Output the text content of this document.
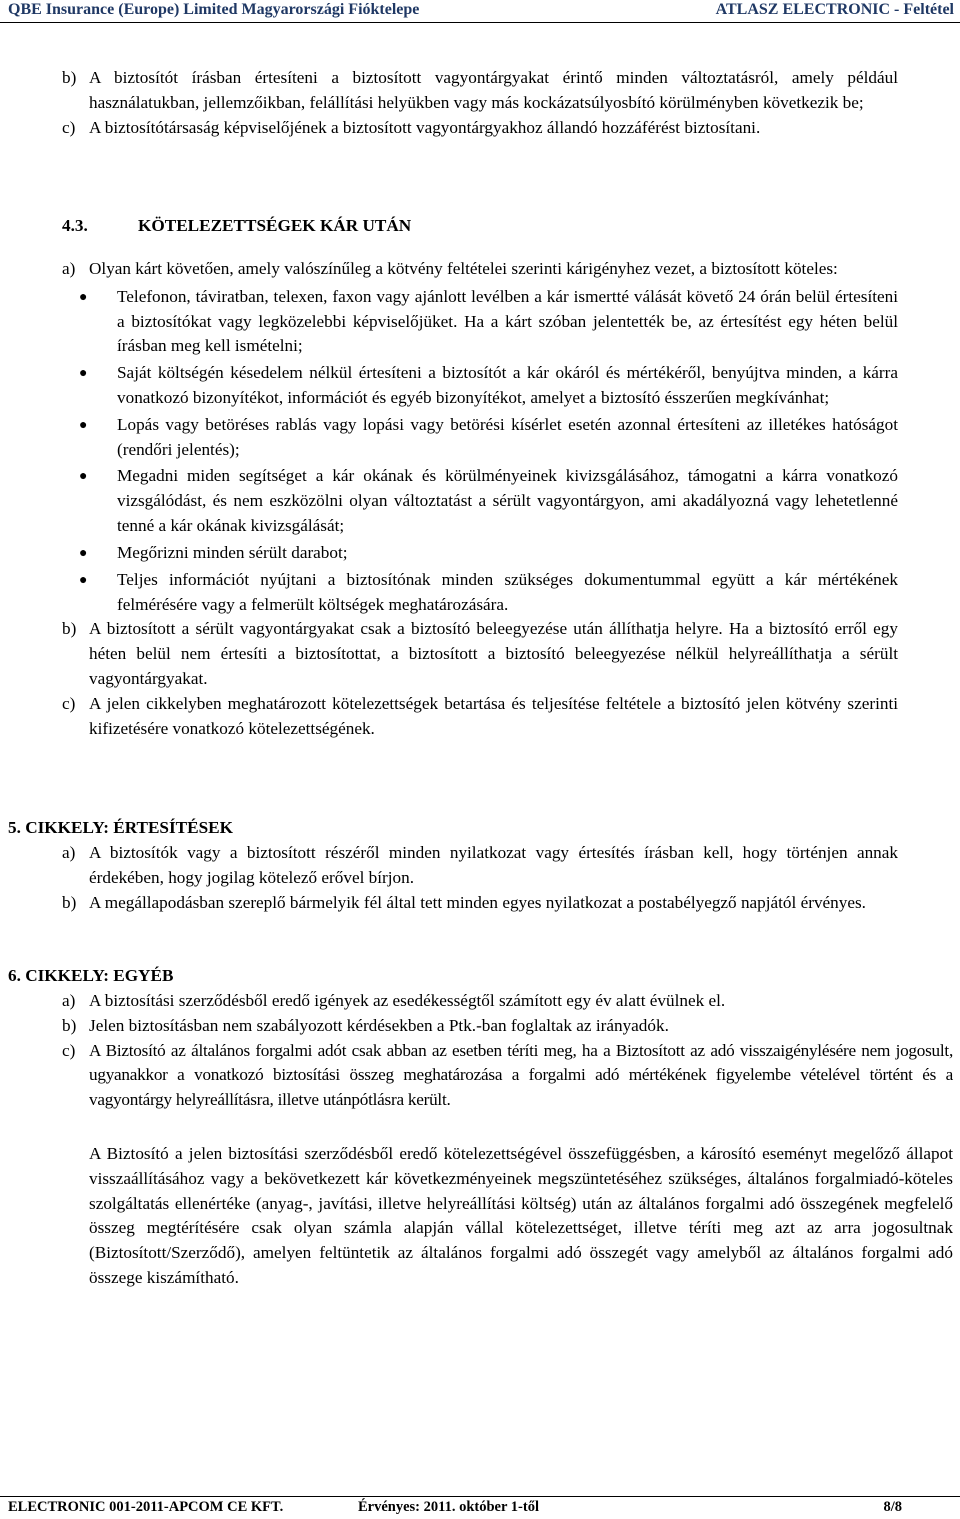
QBE Insurance (Europe) Limited Magyarországi Fióktelepe	ATLASZ ELECTRONIC - Feltétel
b) A biztosítót írásban értesíteni a biztosított vagyontárgyakat érintő minden változtatásról, amely például használatukban, jellemzőikban, felállítási helyükben vagy más kockázatsúlyosbító körülményben következik be;
c) A biztosítótársaság képviselőjének a biztosított vagyontárgyakhoz állandó hozzáférést biztosítani.
4.3.	KÖTELEZETTSÉGEK KÁR UTÁN
a) Olyan kárt követően, amely valószínűleg a kötvény feltételei szerinti kárigényhez vezet, a biztosított köteles:
●	Telefonon, táviratban, telexen, faxon vagy ajánlott levélben a kár ismertté válását követő 24 órán belül értesíteni a biztosítókat vagy legközelebbi képviselőjüket. Ha a kárt szóban jelentették be, az értesítést egy héten belül írásban meg kell ismételni;
●	Saját költségén késedelem nélkül értesíteni a biztosítót a kár okáról és mértékéről, benyújtva minden, a kárra vonatkozó bizonyítékot, információt és egyéb bizonyítékot, amelyet a biztosító ésszerűen megkívánhat;
●	Lopás vagy betöréses rablás vagy lopási vagy betörési kísérlet esetén azonnal értesíteni az illetékes hatóságot (rendőri jelentés);
●	Megadni miden segítséget a kár okának és körülményeinek kivizsgálásához, támogatni a kárra vonatkozó vizsgálódást, és nem eszközölni olyan változtatást a sérült vagyontárgyon, ami akadályozná vagy lehetetlenné tenné a kár okának kivizsgálását;
●	Megőrizni minden sérült darabot;
●	Teljes információt nyújtani a biztosítónak minden szükséges dokumentummal együtt a kár mértékének felmérésére vagy a felmerült költségek meghatározására.
b) A biztosított a sérült vagyontárgyakat csak a biztosító beleegyezése után állíthatja helyre. Ha a biztosító erről egy héten belül nem értesíti a biztosítottat, a biztosított a biztosító beleegyezése nélkül helyreállíthatja a sérült vagyontárgyakat.
c) A jelen cikkelyben meghatározott kötelezettségek betartása és teljesítése feltétele a biztosító jelen kötvény szerinti kifizetésére vonatkozó kötelezettségének.
5. CIKKELY: ÉRTESÍTÉSEK
a) A biztosítók vagy a biztosított részéről minden nyilatkozat vagy értesítés írásban kell, hogy történjen annak érdekében, hogy jogilag kötelező erővel bírjon.
b) A megállapodásban szereplő bármelyik fél által tett minden egyes nyilatkozat a postabélyegző napjától érvényes.
6. CIKKELY: EGYÉB
a) A biztosítási szerződésből eredő igények az esedékességtől számított egy év alatt évülnek el.
b) Jelen biztosításban nem szabályozott kérdésekben a Ptk.-ban foglaltak az irányadók.
c) A Biztosító az általános forgalmi adót csak abban az esetben téríti meg, ha a Biztosított az adó visszaigénylésére nem jogosult, ugyanakkor a vonatkozó biztosítási összeg meghatározása a forgalmi adó mértékének figyelembe vételével történt és a vagyontárgy helyreállításra, illetve utánpótlásra került.
A Biztosító a jelen biztosítási szerződésből eredő kötelezettségével összefüggésben, a károsító eseményt megelőző állapot visszaállításához vagy a bekövetkezett kár következményeinek megszüntetéséhez szükséges, általános forgalmiadó-köteles szolgáltatás ellenértéke (anyag-, javítási, illetve helyreállítási költség) után az általános forgalmi adó összegének megfelelő összeg megtérítésére csak olyan számla alapján vállal kötelezettséget, illetve téríti meg azt az arra jogosultnak (Biztosított/Szerződő), amelyen feltüntetik az általános forgalmi adó összegét vagy amelyből az általános forgalmi adó összege kiszámítható.
ELECTRONIC 001-2011-APCOM CE KFT.	Érvényes: 2011. október 1-től	8/8
